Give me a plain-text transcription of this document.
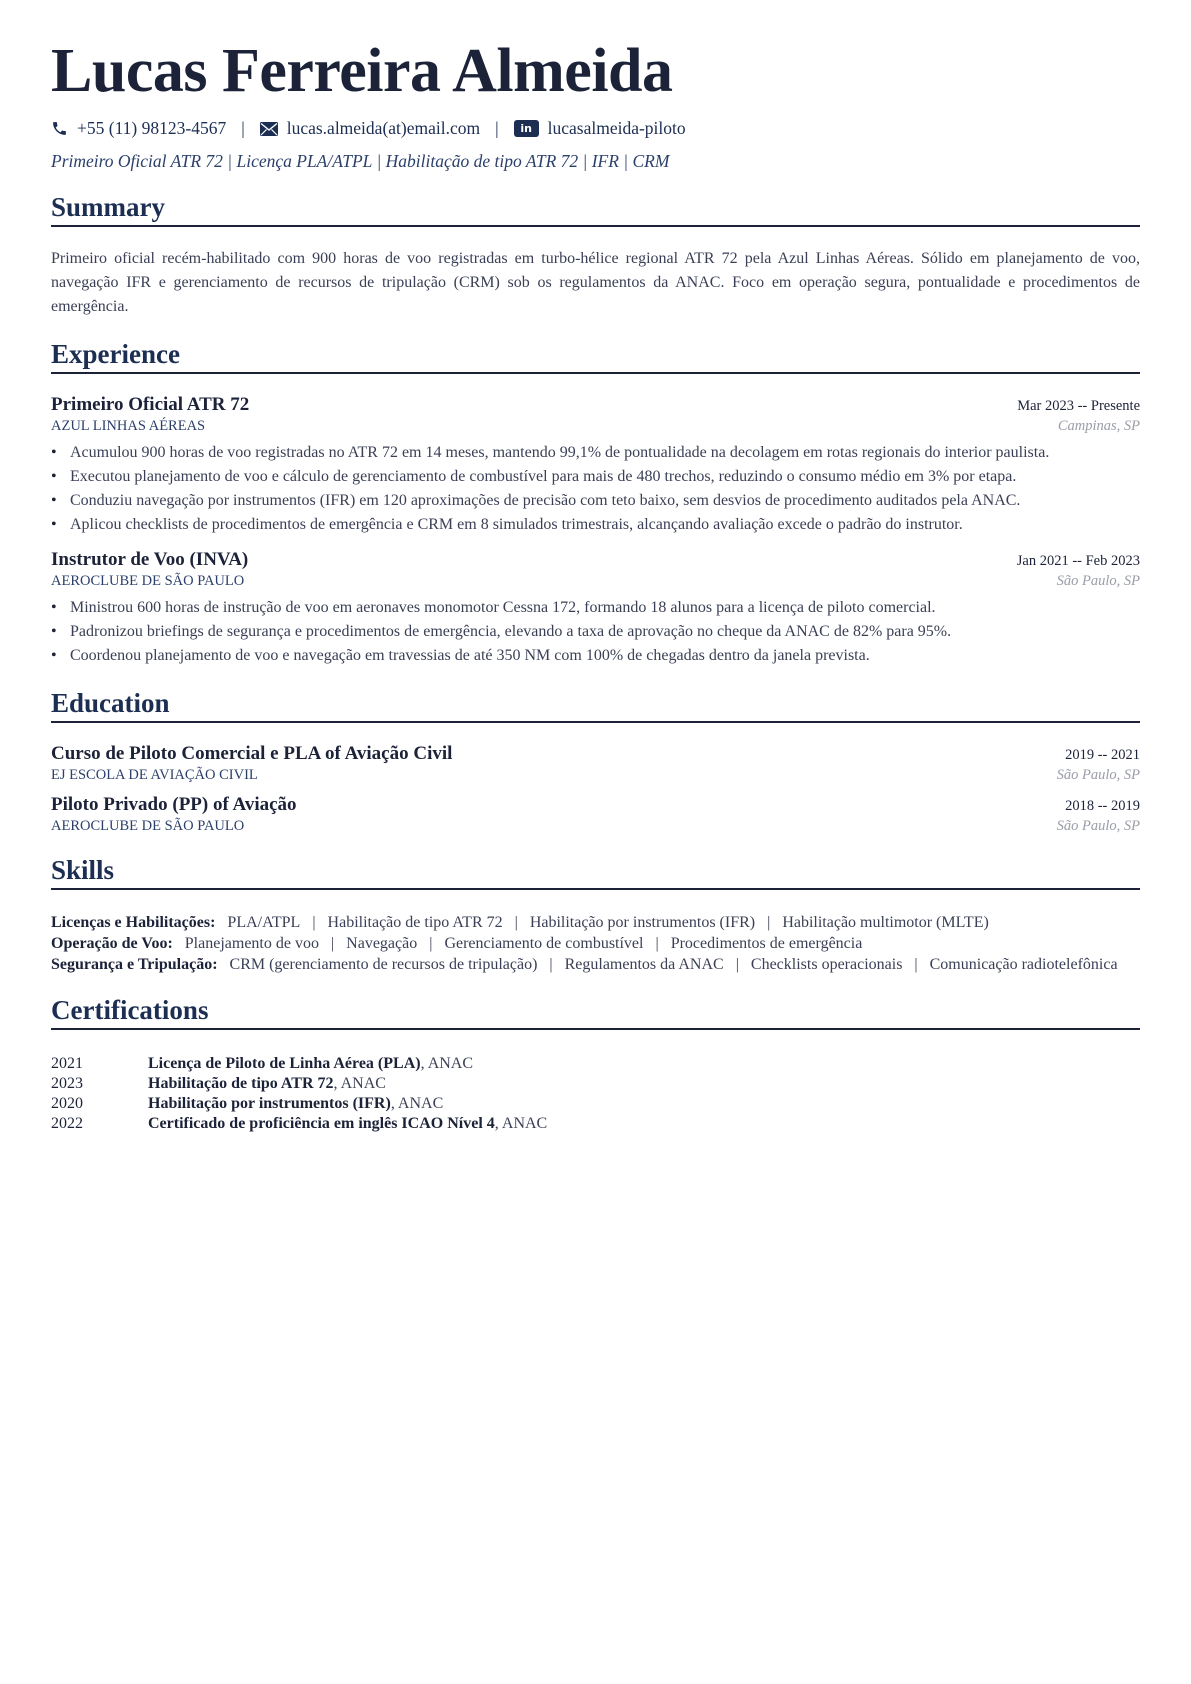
Lucas Ferreira Almeida
+55 (11) 98123-4567 | lucas.almeida(at)email.com |	in lucasalmeida-piloto
Primeiro Oficial ATR 72 | Licença PLA/ATPL | Habilitação de tipo ATR 72 | IFR | CRM
Summary
Primeiro oficial recém-habilitado com 900 horas de voo registradas em turbo-hélice regional ATR 72 pela Azul Linhas Aéreas. Sólido em planejamento de voo, navegação IFR e gerenciamento de recursos de tripulação (CRM) sob os regulamentos da ANAC. Foco em operação segura, pontualidade e procedimentos de emergência.
Experience
Primeiro Oficial ATR 72	Mar 2023 -- Presente
AZUL LINHAS AÉREAS	Campinas, SP
• Acumulou 900 horas de voo registradas no ATR 72 em 14 meses, mantendo 99,1% de pontualidade na decolagem em rotas regionais do interior paulista.
• Executou planejamento de voo e cálculo de gerenciamento de combustível para mais de 480 trechos, reduzindo o consumo médio em 3% por etapa.
• Conduziu navegação por instrumentos (IFR) em 120 aproximações de precisão com teto baixo, sem desvios de procedimento auditados pela ANAC.
• Aplicou checklists de procedimentos de emergência e CRM em 8 simulados trimestrais, alcançando avaliação excede o padrão do instrutor.
Instrutor de Voo (INVA)	Jan 2021 -- Feb 2023
AEROCLUBE DE SÃO PAULO	São Paulo, SP
• Ministrou 600 horas de instrução de voo em aeronaves monomotor Cessna 172, formando 18 alunos para a licença de piloto comercial.
• Padronizou briefings de segurança e procedimentos de emergência, elevando a taxa de aprovação no cheque da ANAC de 82% para 95%.
• Coordenou planejamento de voo e navegação em travessias de até 350 NM com 100% de chegadas dentro da janela prevista.
Education
Curso de Piloto Comercial e PLA of Aviação Civil	2019 -- 2021
EJ ESCOLA DE AVIAÇÃO CIVIL	São Paulo, SP
Piloto Privado (PP) of Aviação	2018 -- 2019
AEROCLUBE DE SÃO PAULO	São Paulo, SP
Skills
Licenças e Habilitações: PLA/ATPL | Habilitação de tipo ATR 72 | Habilitação por instrumentos (IFR) | Habilitação multimotor (MLTE)
Operação de Voo: Planejamento de voo | Navegação | Gerenciamento de combustível | Procedimentos de emergência
Segurança e Tripulação: CRM (gerenciamento de recursos de tripulação) | Regulamentos da ANAC | Checklists operacionais | Comunicação radiotelefônica
Certifications
2021	Licença de Piloto de Linha Aérea (PLA), ANAC
2023	Habilitação de tipo ATR 72, ANAC
2020	Habilitação por instrumentos (IFR), ANAC
2022	Certificado de proficiência em inglês ICAO Nível 4, ANAC
